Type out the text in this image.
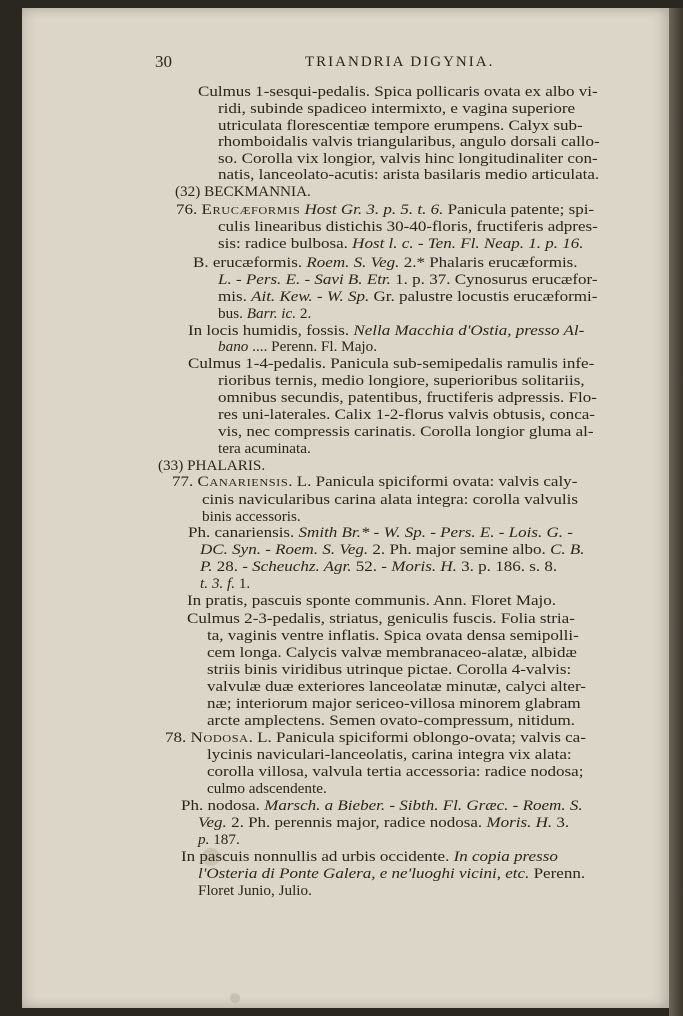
30	TRIANDRIA DIGYNIA.
Culmus 1-sesqui-pedalis. Spica pollicaris ovata ex albo vi-
ridi, subinde spadiceo intermixto, e vagina superiore
utriculata florescentiæ tempore erumpens. Calyx sub-
rhomboidalis valvis triangularibus, angulo dorsali callo-
so. Corolla vix longior, valvis hinc longitudinaliter con-
natis, lanceolato-acutis: arista basilaris medio articulata.
(32) BECKMANNIA.
76. Erucæformis Host Gr. 3. p. 5. t. 6. Panicula patente; spi-
culis linearibus distichis 30-40-floris, fructiferis adpres-
sis: radice bulbosa. Host l. c. - Ten. Fl. Neap. 1. p. 16.
B. erucæformis. Roem. S. Veg. 2.* Phalaris erucæformis.
L. - Pers. E. - Savi B. Etr. 1. p. 37. Cynosurus erucæfor-
mis. Ait. Kew. - W. Sp. Gr. palustre locustis erucæformi-
bus. Barr. ic. 2.
In locis humidis, fossis. Nella Macchia d'Ostia, presso Al-
bano .... Perenn. Fl. Majo.
Culmus 1-4-pedalis. Panicula sub-semipedalis ramulis infe-
rioribus ternis, medio longiore, superioribus solitariis,
omnibus secundis, patentibus, fructiferis adpressis. Flo-
res uni-laterales. Calix 1-2-florus valvis obtusis, conca-
vis, nec compressis carinatis. Corolla longior gluma al-
tera acuminata.
(33) PHALARIS.
77. Canariensis. L. Panicula spiciformi ovata: valvis caly-
cinis navicularibus carina alata integra: corolla valvulis
binis accessoris.
Ph. canariensis. Smith Br.* - W. Sp. - Pers. E. - Lois. G. -
DC. Syn. - Roem. S. Veg. 2. Ph. major semine albo. C. B.
P. 28. - Scheuchz. Agr. 52. - Moris. H. 3. p. 186. s. 8.
t. 3. f. 1.
In pratis, pascuis sponte communis. Ann. Floret Majo.
Culmus 2-3-pedalis, striatus, geniculis fuscis. Folia stria-
ta, vaginis ventre inflatis. Spica ovata densa semipolli-
cem longa. Calycis valvæ membranaceo-alatæ, albidæ
striis binis viridibus utrinque pictae. Corolla 4-valvis:
valvulæ duæ exteriores lanceolatæ minutæ, calyci alter-
næ; interiorum major sericeo-villosa minorem glabram
arcte amplectens. Semen ovato-compressum, nitidum.
78. Nodosa. L. Panicula spiciformi oblongo-ovata; valvis ca-
lycinis naviculari-lanceolatis, carina integra vix alata:
corolla villosa, valvula tertia accessoria: radice nodosa;
culmo adscendente.
Ph. nodosa. Marsch. a Bieber. - Sibth. Fl. Græc. - Roem. S.
Veg. 2. Ph. perennis major, radice nodosa. Moris. H. 3.
p. 187.
In pascuis nonnullis ad urbis occidente. In copia presso
l'Osteria di Ponte Galera, e ne'luoghi vicini, etc. Perenn.
Floret Junio, Julio.
